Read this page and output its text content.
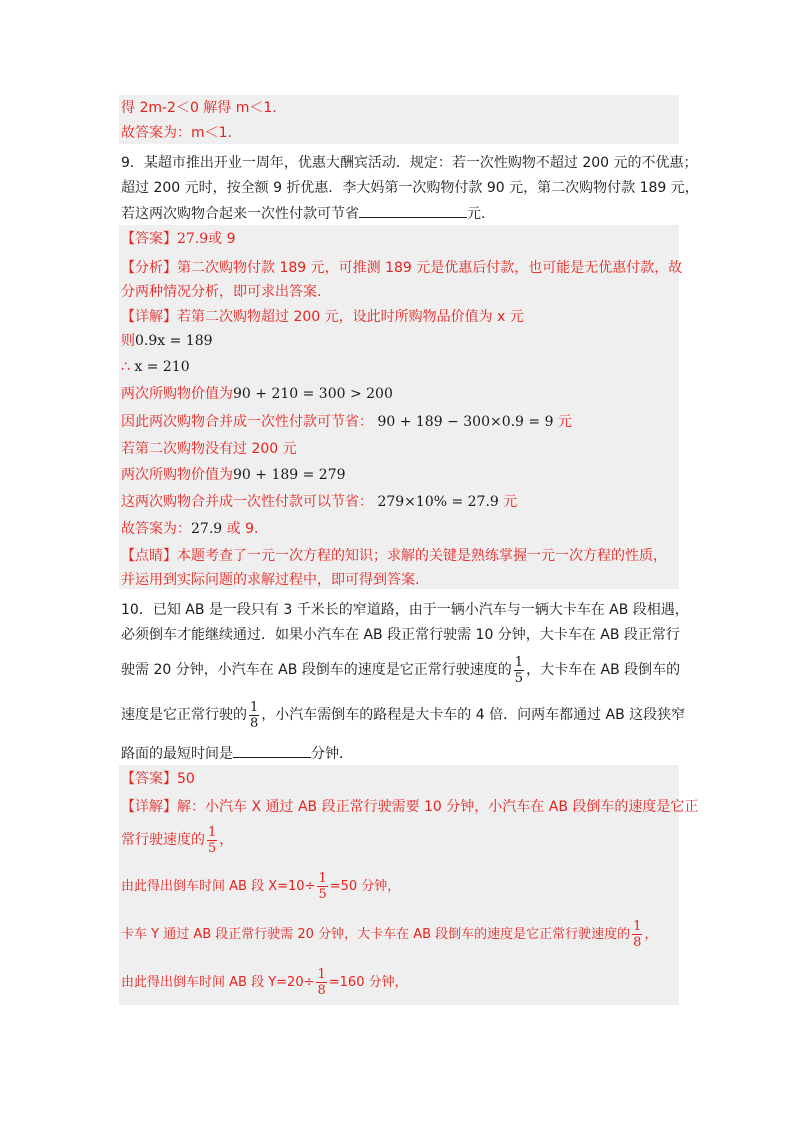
得 2m-2＜0 解得 m＜1.
故答案为：m＜1.
9．某超市推出开业一周年，优惠大酬宾活动．规定：若一次性购物不超过 200 元的不优惠；
超过 200 元时，按全额 9 折优惠．李大妈第一次购物付款 90 元，第二次购物付款 189 元，
若这两次购物合起来一次性付款可节省	元．
【答案】27.9或 9
【分析】第二次购物付款 189 元，可推测 189 元是优惠后付款，也可能是无优惠付款，故
分两种情况分析，即可求出答案.
【详解】若第二次购物超过 200 元，设此时所购物品价值为 x 元
则0.9x = 189
∴ x = 210
两次所购物价值为90 + 210 = 300 > 200
因此两次购物合并成一次性付款可节省： 90 + 189 − 300×0.9 = 9 元
若第二次购物没有过 200 元
两次所购物价值为90 + 189 = 279
这两次购物合并成一次性付款可以节省： 279×10% = 27.9 元
故答案为：27.9 或 9.
【点睛】本题考查了一元一次方程的知识；求解的关键是熟练掌握一元一次方程的性质，
并运用到实际问题的求解过程中，即可得到答案.
10．已知 AB 是一段只有 3 千米长的窄道路，由于一辆小汽车与一辆大卡车在 AB 段相遇，
必须倒车才能继续通过．如果小汽车在 AB 段正常行驶需 10 分钟，大卡车在 AB 段正常行
驶需 20 分钟，小汽车在 AB 段倒车的速度是它正常行驶速度的 $\frac{1}{5}$ ，大卡车在 AB 段倒车的
速度是它正常行驶的 $\frac{1}{8}$ ，小汽车需倒车的路程是大卡车的 4 倍．问两车都通过 AB 这段狭窄
路面的最短时间是	分钟．
【答案】50
【详解】解：小汽车 X 通过 AB 段正常行驶需要 10 分钟，小汽车在 AB 段倒车的速度是它正
常行驶速度的 $\frac{1}{5}$ ，
由此得出倒车时间 AB 段 $X=10\div \frac{1}{5} =50$ 分钟，
卡车 Y 通过 AB 段正常行驶需 20 分钟，大卡车在 AB 段倒车的速度是它正常行驶速度的 $\frac{1}{8}$ ，
由此得出倒车时间 AB 段 $Y=20\div \frac{1}{8} =160$ 分钟，
